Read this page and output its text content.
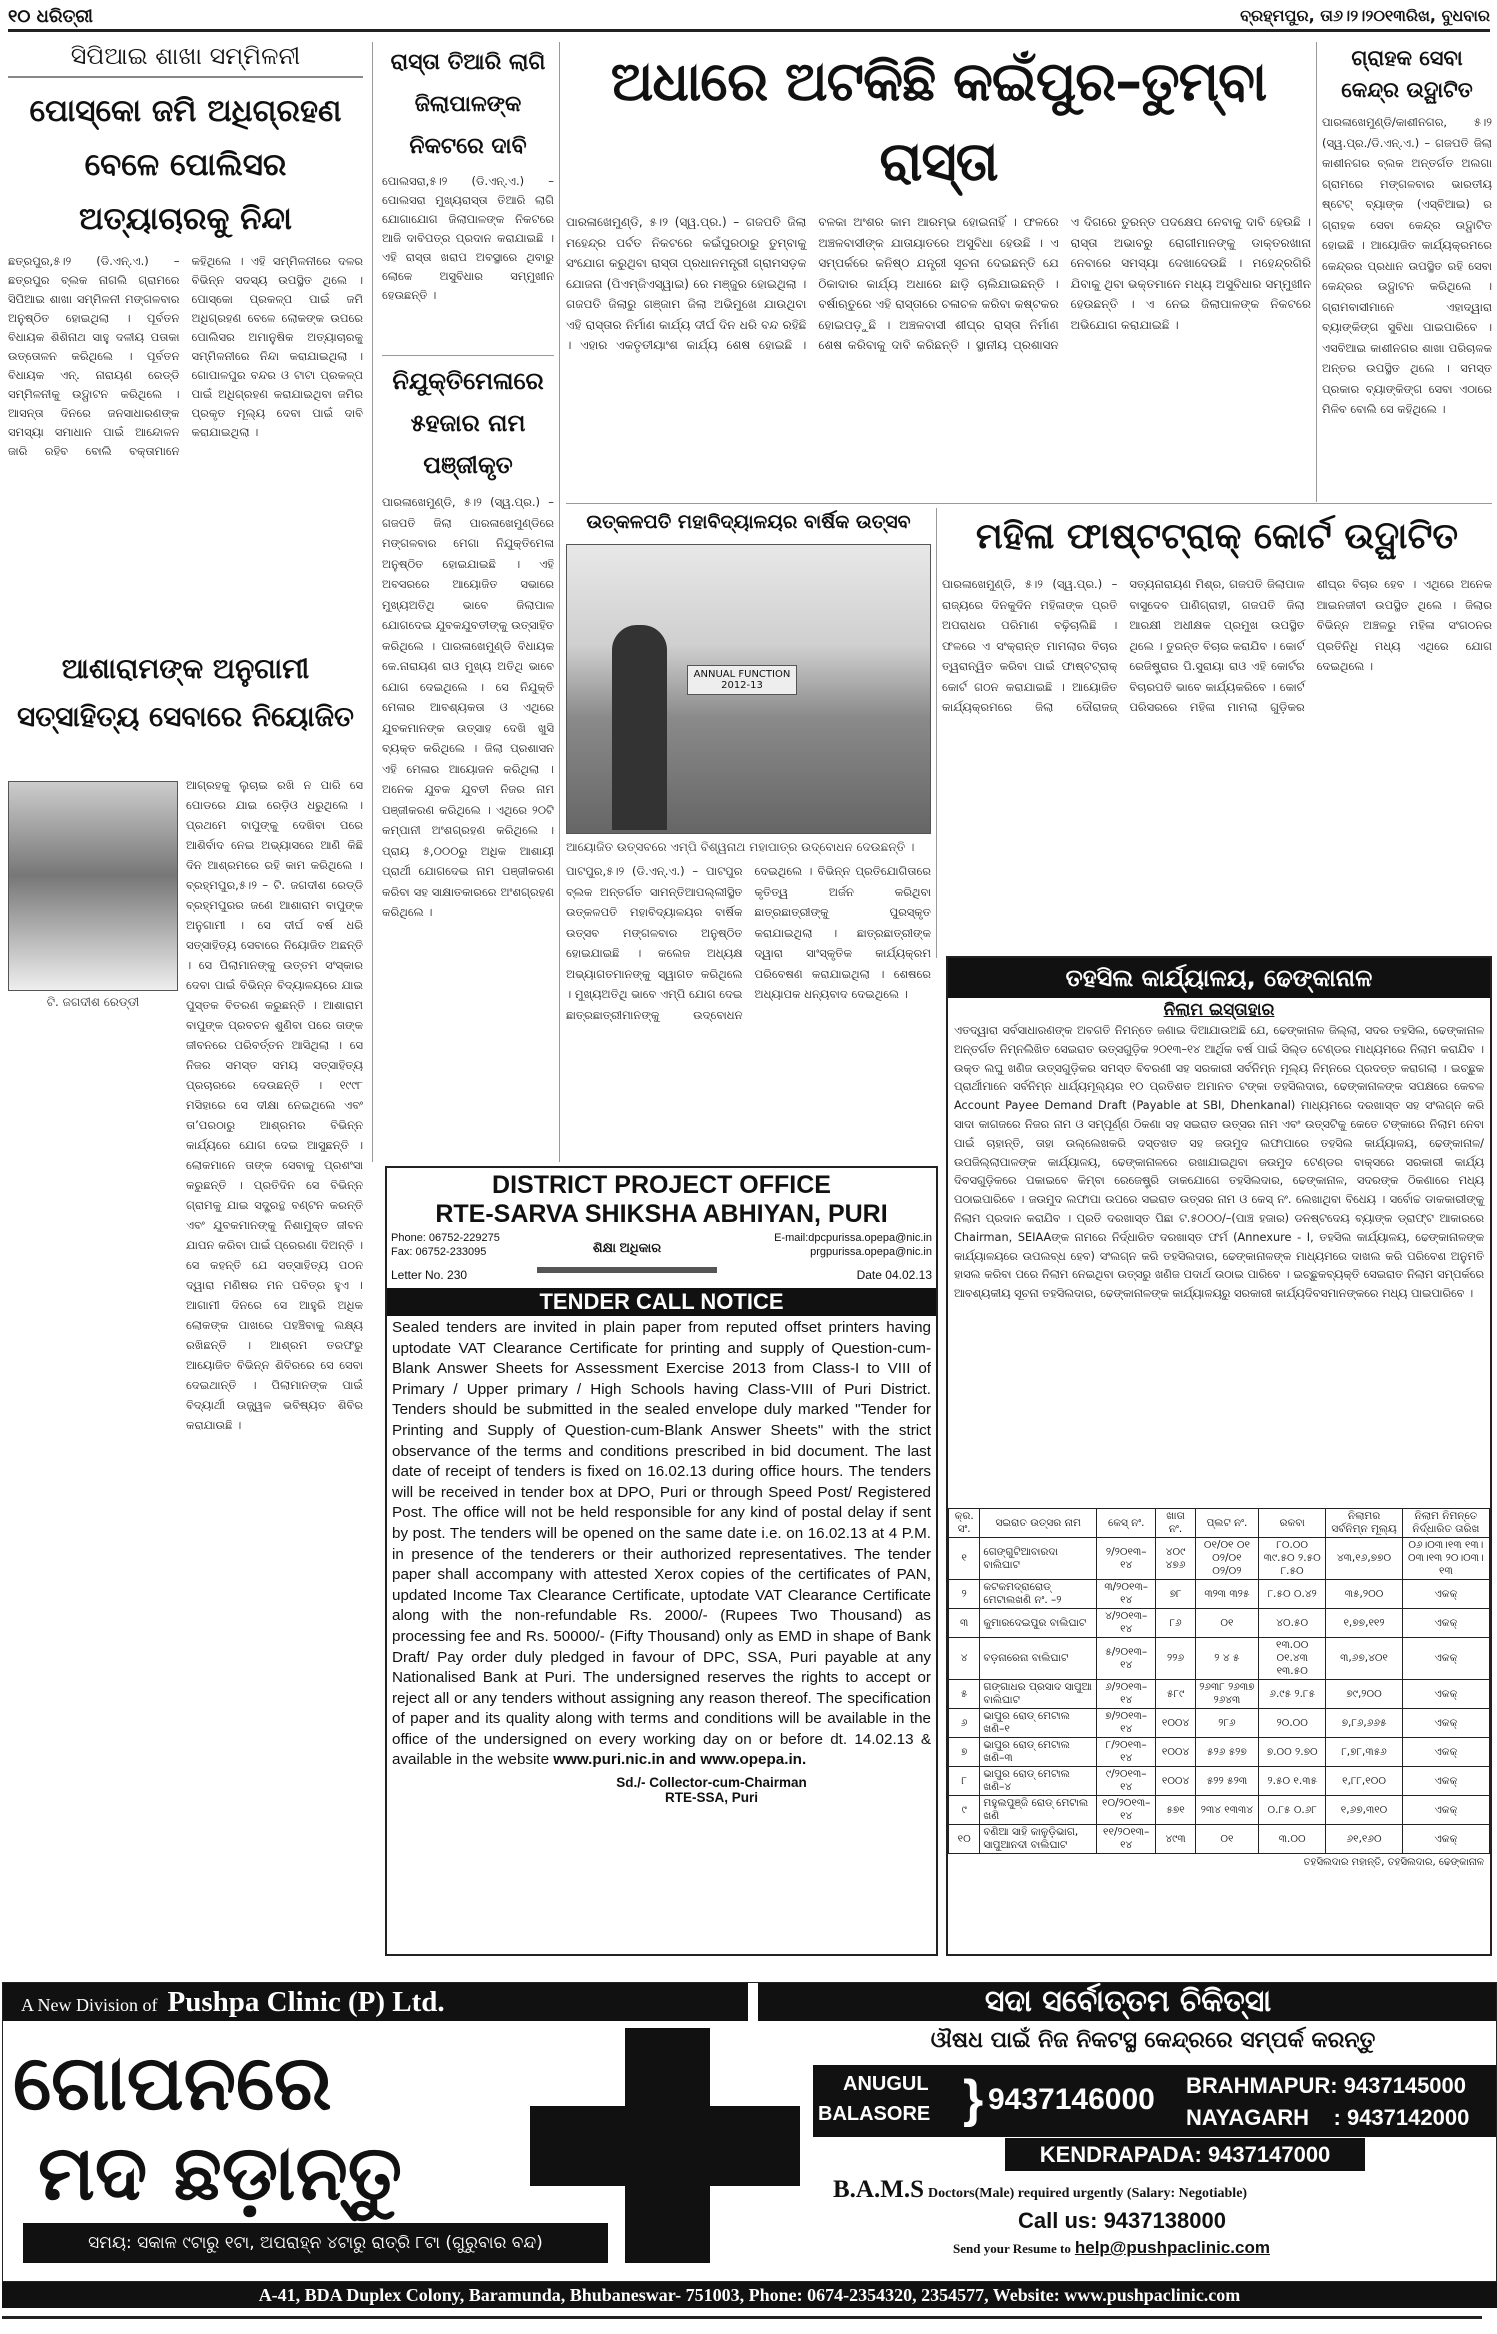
୧୦ ଧରିତ୍ରୀ	ବ୍ରହ୍ମପୁର, ତା୬।୨।୨୦୧୩ରିଖ, ବୁଧବାର
ସିପିଆଇ ଶାଖା ସମ୍ମିଳନୀ
ପୋସ୍କୋ ଜମି ଅଧିଗ୍ରହଣ ବେଳେ ପୋଲିସର ଅତ୍ୟାଚାରକୁ ନିନ୍ଦା
ଛତ୍ରପୁର,୫।୨ (ଡି.ଏନ୍.ଏ.) – ଛତ୍ରପୁର ବ୍ଲକ ନାଗଲି ଗ୍ରାମରେ ସିପିଆଇ ଶାଖା ସମ୍ମିଳନୀ ମଙ୍ଗଳବାର ଅନୁଷ୍ଠିତ ହୋଇଥିଲା । ପୂର୍ବତନ ବିଧାୟକ ଶିଶିନାଥ ସାହୁ ଦଳୀୟ ପତାକା ଉତ୍ତୋଳନ କରିଥିଲେ । ପୂର୍ବତନ ବିଧାୟକ ଏନ୍. ନାରାୟଣ ରେଡ୍ଡି ସମ୍ମିଳନୀକୁ ଉଦ୍ଘାଟନ କରିଥିଲେ । ଆସନ୍ତା ଦିନରେ ଜନସାଧାରଣଙ୍କ ସମସ୍ୟା ସମାଧାନ ପାଇଁ ଆନ୍ଦୋଳନ ଜାରି ରହିବ ବୋଲି ବକ୍ତାମାନେ କହିଥିଲେ । ଏହି ସମ୍ମିଳନୀରେ ଦଳର ବିଭିନ୍ନ ସଦସ୍ୟ ଉପସ୍ଥିତ ଥିଲେ । ପୋସ୍କୋ ପ୍ରକଳ୍ପ ପାଇଁ ଜମି ଅଧିଗ୍ରହଣ ବେଳେ ଲୋକଙ୍କ ଉପରେ ପୋଲିସର ଅମାନୁଷିକ ଅତ୍ୟାଚାରକୁ ସମ୍ମିଳନୀରେ ନିନ୍ଦା କରାଯାଇଥିଲା । ଗୋପାଳପୁର ବନ୍ଦର ଓ ଟାଟା ପ୍ରକଳ୍ପ ପାଇଁ ଅଧିଗ୍ରହଣ କରାଯାଇଥିବା ଜମିର ପ୍ରକୃତ ମୂଲ୍ୟ ଦେବା ପାଇଁ ଦାବି କରାଯାଇଥିଲା ।
ଆଶାରାମଙ୍କ ଅନୁଗାମୀ ସତ୍ସାହିତ୍ୟ ସେବାରେ ନିୟୋଜିତ
ଟି. ଜଗଦୀଶ ରେଡ୍ଡୀ
ଆଗ୍ରହକୁ ଲୁଚାଇ ରଖି ନ ପାରି ସେ ପୋଡରେ ଯାଇ ରେଡ଼ିଓ ଧରୁଥିଲେ । ପ୍ରଥମେ ବାପୁଙ୍କୁ ଦେଖିବା ପରେ ଆଶିର୍ବାଦ ନେଇ ଅଭ୍ୟାସରେ ଆଣି କିଛି ଦିନ ଆଶ୍ରମରେ ରହି କାମ କରିଥିଲେ । ବ୍ରହ୍ମପୁର,୫।୨ – ଟି. ଜଗଦୀଶ ରେଡ୍ଡି ବ୍ରହ୍ମପୁରର ଜଣେ ଆଶାରାମ ବାପୁଙ୍କ ଅନୁଗାମୀ । ସେ ଦୀର୍ଘ ବର୍ଷ ଧରି ସତ୍ସାହିତ୍ୟ ସେବାରେ ନିୟୋଜିତ ଅଛନ୍ତି । ସେ ପିଲାମାନଙ୍କୁ ଉତ୍ତମ ସଂସ୍କାର ଦେବା ପାଇଁ ବିଭିନ୍ନ ବିଦ୍ୟାଳୟରେ ଯାଇ ପୁସ୍ତକ ବିତରଣ କରୁଛନ୍ତି । ଆଶାରାମ ବାପୁଙ୍କ ପ୍ରବଚନ ଶୁଣିବା ପରେ ତାଙ୍କ ଜୀବନରେ ପରିବର୍ତ୍ତନ ଆସିଥିଲା । ସେ ନିଜର ସମସ୍ତ ସମୟ ସତ୍ସାହିତ୍ୟ ପ୍ରଚାରରେ ଦେଉଛନ୍ତି । ୧୯୯୮ ମସିହାରେ ସେ ଦୀକ୍ଷା ନେଇଥିଲେ ଏବଂ ତା’ପରଠାରୁ ଆଶ୍ରମର ବିଭିନ୍ନ କାର୍ଯ୍ୟରେ ଯୋଗ ଦେଇ ଆସୁଛନ୍ତି । ଲୋକମାନେ ତାଙ୍କ ସେବାକୁ ପ୍ରଶଂସା କରୁଛନ୍ତି । ପ୍ରତିଦିନ ସେ ବିଭିନ୍ନ ଗ୍ରାମକୁ ଯାଇ ସଦ୍ଗ୍ରନ୍ଥ ବଣ୍ଟନ କରନ୍ତି ଏବଂ ଯୁବକମାନଙ୍କୁ ନିଶାମୁକ୍ତ ଜୀବନ ଯାପନ କରିବା ପାଇଁ ପ୍ରେରଣା ଦିଅନ୍ତି । ସେ କହନ୍ତି ଯେ ସତ୍ସାହିତ୍ୟ ପଠନ ଦ୍ୱାରା ମଣିଷର ମନ ପବିତ୍ର ହୁଏ । ଆଗାମୀ ଦିନରେ ସେ ଆହୁରି ଅଧିକ ଲୋକଙ୍କ ପାଖରେ ପହଞ୍ଚିବାକୁ ଲକ୍ଷ୍ୟ ରଖିଛନ୍ତି । ଆଶ୍ରମ ତରଫରୁ ଆୟୋଜିତ ବିଭିନ୍ନ ଶିବିରରେ ସେ ସେବା ଦେଇଥାନ୍ତି । ପିଲାମାନଙ୍କ ପାଇଁ ବିଦ୍ୟାର୍ଥୀ ଉଜ୍ଜ୍ୱଳ ଭବିଷ୍ୟତ ଶିବିର କରାଯାଉଛି ।
ରାସ୍ତା ତିଆରି ଲାଗି ଜିଲାପାଳଙ୍କ ନିକଟରେ ଦାବି
ପୋଲସରା,୫।୨ (ଡି.ଏନ୍.ଏ.) – ପୋଲସରା ମୁଖ୍ୟରାସ୍ତା ତିଆରି ଲାଗି ଯୋଗାଯୋଗ ଜିଲାପାଳଙ୍କ ନିକଟରେ ଆଜି ଦାବିପତ୍ର ପ୍ରଦାନ କରାଯାଇଛି । ଏହି ରାସ୍ତା ଖରାପ ଅବସ୍ଥାରେ ଥିବାରୁ ଲୋକେ ଅସୁବିଧାର ସମ୍ମୁଖୀନ ହେଉଛନ୍ତି ।
ନିଯୁକ୍ତିମେଳାରେ ୫ହଜାର ନାମ ପଞ୍ଜୀକୃତ
ପାରଳାଖେମୁଣ୍ଡି, ୫।୨ (ସ୍ୱ.ପ୍ର.) – ଗଜପତି ଜିଲା ପାରଳାଖେମୁଣ୍ଡିରେ ମଙ୍ଗଳବାର ମେଗା ନିଯୁକ୍ତିମେଳା ଅନୁଷ୍ଠିତ ହୋଇଯାଇଛି । ଏହି ଅବସରରେ ଆୟୋଜିତ ସଭାରେ ମୁଖ୍ୟଅତିଥି ଭାବେ ଜିଲାପାଳ ଯୋଗଦେଇ ଯୁବକଯୁବତୀଙ୍କୁ ଉତ୍ସାହିତ କରିଥିଲେ । ପାରଳାଖେମୁଣ୍ଡି ବିଧାୟକ କେ.ନାରାୟଣ ରାଓ ମୁଖ୍ୟ ଅତିଥି ଭାବେ ଯୋଗ ଦେଇଥିଲେ । ସେ ନିଯୁକ୍ତି ମେଳାର ଆବଶ୍ୟକତା ଓ ଏଥିରେ ଯୁବକମାନଙ୍କ ଉତ୍ସାହ ଦେଖି ଖୁସି ବ୍ୟକ୍ତ କରିଥିଲେ । ଜିଲା ପ୍ରଶାସନ ଏହି ମେଳାର ଆୟୋଜନ କରିଥିଲା । ଅନେକ ଯୁବକ ଯୁବତୀ ନିଜର ନାମ ପଞ୍ଜୀକରଣ କରିଥିଲେ । ଏଥିରେ ୨୦ଟି କମ୍ପାନୀ ଅଂଶଗ୍ରହଣ କରିଥିଲେ । ପ୍ରାୟ ୫,୦୦୦ରୁ ଅଧିକ ଆଶାୟୀ ପ୍ରାର୍ଥୀ ଯୋଗଦେଇ ନାମ ପଞ୍ଜୀକରଣ କରିବା ସହ ସାକ୍ଷାତକାରରେ ଅଂଶଗ୍ରହଣ କରିଥିଲେ ।
ଅଧାରେ ଅଟକିଛି କଇଁପୁର–ତୁମ୍ବା ରାସ୍ତା
ପାରଳାଖେମୁଣ୍ଡି, ୫।୨ (ସ୍ୱ.ପ୍ର.) – ଗଜପତି ଜିଲା ମହେନ୍ଦ୍ର ପର୍ବତ ନିକଟରେ କଇଁପୁରଠାରୁ ତୁମ୍ବାକୁ ସଂଯୋଗ କରୁଥିବା ରାସ୍ତା ପ୍ରଧାନମନ୍ତ୍ରୀ ଗ୍ରାମସଡ଼କ ଯୋଜନା (ପିଏମ୍ଜିଏସ୍ୱାଇ) ରେ ମଞ୍ଜୁର ହୋଇଥିଲା । ଗଜପତି ଜିଲାରୁ ଗଞ୍ଜାମ ଜିଲା ଅଭିମୁଖେ ଯାଉଥିବା ଏହି ରାସ୍ତାର ନିର୍ମାଣ କାର୍ଯ୍ୟ ଦୀର୍ଘ ଦିନ ଧରି ବନ୍ଦ ରହିଛି । ଏହାର ଏକତୃତୀୟାଂଶ କାର୍ଯ୍ୟ ଶେଷ ହୋଇଛି । ବଳକା ଅଂଶର କାମ ଆରମ୍ଭ ହୋଇନାହିଁ । ଫଳରେ ଅଞ୍ଚଳବାସୀଙ୍କ ଯାତାୟାତରେ ଅସୁବିଧା ହେଉଛି । ଏ ସମ୍ପର୍କରେ କନିଷ୍ଠ ଯନ୍ତ୍ରୀ ସୂଚନା ଦେଇଛନ୍ତି ଯେ ଠିକାଦାର କାର୍ଯ୍ୟ ଅଧାରେ ଛାଡ଼ି ଚାଲିଯାଇଛନ୍ତି । ବର୍ଷାଋତୁରେ ଏହି ରାସ୍ତାରେ ଚଳାଚଳ କରିବା କଷ୍ଟକର ହୋଇପଡ଼ୁଛି । ଅଞ୍ଚଳବାସୀ ଶୀଘ୍ର ରାସ୍ତା ନିର୍ମାଣ ଶେଷ କରିବାକୁ ଦାବି କରିଛନ୍ତି । ସ୍ଥାନୀୟ ପ୍ରଶାସନ ଏ ଦିଗରେ ତୁରନ୍ତ ପଦକ୍ଷେପ ନେବାକୁ ଦାବି ହେଉଛି । ରାସ୍ତା ଅଭାବରୁ ରୋଗୀମାନଙ୍କୁ ଡାକ୍ତରଖାନା ନେବାରେ ସମସ୍ୟା ଦେଖାଦେଉଛି । ମହେନ୍ଦ୍ରଗିରି ଯିବାକୁ ଥିବା ଭକ୍ତମାନେ ମଧ୍ୟ ଅସୁବିଧାର ସମ୍ମୁଖୀନ ହେଉଛନ୍ତି । ଏ ନେଇ ଜିଲାପାଳଙ୍କ ନିକଟରେ ଅଭିଯୋଗ କରାଯାଇଛି ।
ଗ୍ରାହକ ସେବା କେନ୍ଦ୍ର ଉଦ୍ଘାଟିତ
ପାରଳାଖେମୁଣ୍ଡି/କାଶୀନଗର, ୫।୨ (ସ୍ୱ.ପ୍ର./ଡି.ଏନ୍.ଏ.) – ଗଜପତି ଜିଲା କାଶୀନଗର ବ୍ଲକ ଅନ୍ତର୍ଗତ ଅଲଗା ଗ୍ରାମରେ ମଙ୍ଗଳବାର ଭାରତୀୟ ଷ୍ଟେଟ୍ ବ୍ୟାଙ୍କ (ଏସ୍ବିଆଇ) ର ଗ୍ରାହକ ସେବା କେନ୍ଦ୍ର ଉଦ୍ଘାଟିତ ହୋଇଛି । ଆୟୋଜିତ କାର୍ଯ୍ୟକ୍ରମରେ କେନ୍ଦ୍ରର ପ୍ରଧାନ ଉପସ୍ଥିତ ରହି ସେବା କେନ୍ଦ୍ରର ଉଦ୍ଘାଟନ କରିଥିଲେ । ଗ୍ରାମବାସୀମାନେ ଏହାଦ୍ୱାରା ବ୍ୟାଙ୍କିଙ୍ଗ ସୁବିଧା ପାଇପାରିବେ । ଏସବିଆଇ କାଶୀନଗର ଶାଖା ପରିଚାଳକ ଅନ୍ତର ଉପସ୍ଥିତ ଥିଲେ । ସମସ୍ତ ପ୍ରକାର ବ୍ୟାଙ୍କିଙ୍ଗ ସେବା ଏଠାରେ ମିଳିବ ବୋଲି ସେ କହିଥିଲେ ।
ଉତ୍କଳପତି ମହାବିଦ୍ୟାଳୟର ବାର୍ଷିକ ଉତ୍ସବ
ANNUAL FUNCTION 2012-13
ଆୟୋଜିତ ଉତ୍ସବରେ ଏମ୍ପି ବିଶ୍ୱନାଥ ମହାପାତ୍ର ଉଦ୍ବୋଧନ ଦେଉଛନ୍ତି ।
ପାଟପୁର,୫।୨ (ଡି.ଏନ୍.ଏ.) – ପାଟପୁର ବ୍ଲକ ଅନ୍ତର୍ଗତ ସାମନ୍ତିଆପଲ୍ଲୀସ୍ଥିତ ଉତ୍କଳପତି ମହାବିଦ୍ୟାଳୟର ବାର୍ଷିକ ଉତ୍ସବ ମଙ୍ଗଳବାର ଅନୁଷ୍ଠିତ ହୋଇଯାଇଛି । କଲେଜ ଅଧ୍ୟକ୍ଷ ଅଭ୍ୟାଗତମାନଙ୍କୁ ସ୍ୱାଗତ କରିଥିଲେ । ମୁଖ୍ୟଅତିଥି ଭାବେ ଏମ୍ପି ଯୋଗ ଦେଇ ଛାତ୍ରଛାତ୍ରୀମାନଙ୍କୁ ଉଦ୍ବୋଧନ ଦେଇଥିଲେ । ବିଭିନ୍ନ ପ୍ରତିଯୋଗିତାରେ କୃତିତ୍ୱ ଅର୍ଜନ କରିଥିବା ଛାତ୍ରଛାତ୍ରୀଙ୍କୁ ପୁରସ୍କୃତ କରାଯାଇଥିଲା । ଛାତ୍ରଛାତ୍ରୀଙ୍କ ଦ୍ୱାରା ସାଂସ୍କୃତିକ କାର୍ଯ୍ୟକ୍ରମ ପରିବେଷଣ କରାଯାଇଥିଲା । ଶେଷରେ ଅଧ୍ୟାପକ ଧନ୍ୟବାଦ ଦେଇଥିଲେ ।
ମହିଳା ଫାଷ୍ଟଟ୍ରାକ୍ କୋର୍ଟ ଉଦ୍ଘାଟିତ
ପାରଳାଖେମୁଣ୍ଡି, ୫।୨ (ସ୍ୱ.ପ୍ର.) – ରାଜ୍ୟରେ ଦିନକୁଦିନ ମହିଳାଙ୍କ ପ୍ରତି ଅପରାଧର ପରିମାଣ ବଢ଼ିଚାଲିଛି । ଫଳରେ ଏ ସଂକ୍ରାନ୍ତ ମାମଲାର ବିଚାର ତ୍ୱରାନ୍ୱିତ କରିବା ପାଇଁ ଫାଷ୍ଟଟ୍ରାକ୍ କୋର୍ଟ ଗଠନ କରାଯାଇଛି । ଆୟୋଜିତ କାର୍ଯ୍ୟକ୍ରମରେ ଜିଲା ଦୌରାଜଜ୍ ସତ୍ୟନାରାୟଣ ମିଶ୍ର, ଗଜପତି ଜିଲାପାଳ ବାସୁଦେବ ପାଣିଗ୍ରାହୀ, ଗଜପତି ଜିଲା ଆରକ୍ଷୀ ଅଧୀକ୍ଷକ ପ୍ରମୁଖ ଉପସ୍ଥିତ ଥିଲେ । ତୁରନ୍ତ ବିଚାର କରାଯିବ । କୋର୍ଟ ରେଜିଷ୍ଟ୍ରାର ପି.ସୁରାୟା ରାଓ ଏହି କୋର୍ଟର ବିଚାରପତି ଭାବେ କାର୍ଯ୍ୟକରିବେ । କୋର୍ଟ ପରିସରରେ ମହିଳା ମାମଲା ଗୁଡ଼ିକର ଶୀଘ୍ର ବିଚାର ହେବ । ଏଥିରେ ଅନେକ ଆଇନଜୀବୀ ଉପସ୍ଥିତ ଥିଲେ । ଜିଲାର ବିଭିନ୍ନ ଅଞ୍ଚଳରୁ ମହିଳା ସଂଗଠନର ପ୍ରତିନିଧି ମଧ୍ୟ ଏଥିରେ ଯୋଗ ଦେଇଥିଲେ ।
ତହସିଲ କାର୍ଯ୍ୟାଳୟ, ଢେଙ୍କାନାଳ
ନିଲାମ ଇସ୍ତାହାର
ଏତଦ୍ୱାରା ସର୍ବସାଧାରଣଙ୍କ ଅବଗତି ନିମନ୍ତେ ଜଣାଇ ଦିଆଯାଉଅଛି ଯେ, ଢେଙ୍କାନାଳ ଜିଲ୍ଲା, ସଦର ତହସିଲ, ଢେଙ୍କାନାଳ ଅନ୍ତର୍ଗତ ନିମ୍ନଲିଖିତ ସେଇରାତ ଉତ୍ସଗୁଡ଼ିକ ୨୦୧୩–୧୪ ଆର୍ଥିକ ବର୍ଷ ପାଇଁ ସିଲ୍ଡ ଟେଣ୍ଡର ମାଧ୍ୟମରେ ନିଲାମ କରାଯିବ । ଉକ୍ତ ଲଘୁ ଖଣିଜ ଉତ୍ସଗୁଡ଼ିକର ସମସ୍ତ ବିବରଣୀ ସହ ସରକାରୀ ସର୍ବନିମ୍ନ ମୂଲ୍ୟ ନିମ୍ନରେ ପ୍ରଦତ୍ତ କରାଗଲା । ଇଚ୍ଛୁକ ପ୍ରାର୍ଥୀମାନେ ସର୍ବନିମ୍ନ ଧାର୍ଯ୍ୟମୂଲ୍ୟର ୧୦ ପ୍ରତିଶତ ଅମାନତ ଟଙ୍କା ତହସିଲଦାର, ଢେଙ୍କାନାଳଙ୍କ ସପକ୍ଷରେ କେବଳ Account Payee Demand Draft (Payable at SBI, Dhenkanal) ମାଧ୍ୟମରେ ଦରଖାସ୍ତ ସହ ସଂଲଗ୍ନ କରି ସାଦା କାଗଜରେ ନିଜର ନାମ ଓ ସମ୍ପୂର୍ଣ୍ଣ ଠିକଣା ସହ ସଇରାତ ଉତ୍ସର ନାମ ଏବଂ ଉତ୍ସଟିକୁ କେତେ ଟଙ୍କାରେ ନିଲାମ ନେବା ପାଇଁ ଚାହାନ୍ତି, ତାହା ଉଲ୍ଲେଖକରି ଦସ୍ତଖତ ସହ ଜଉମୁଦ ଲଫାପାରେ ତହସିଲ କାର୍ଯ୍ୟାଳୟ, ଢେଙ୍କାନାଳ/ ଉପଜିଲ୍ଲାପାଳଙ୍କ କାର୍ଯ୍ୟାଳୟ, ଢେଙ୍କାନାଳରେ ରଖାଯାଇଥିବା ଜଉମୁଦ ଟେଣ୍ଡର ବାକ୍ସରେ ସରକାରୀ କାର୍ଯ୍ୟ ଦିବସଗୁଡ଼ିକରେ ପକାଇବେ କିମ୍ବା ରେଜେଷ୍ଟ୍ରି ଡାକଯୋଗେ ତହସିଲଦାର, ଢେଙ୍କାନାଳ, ସଦରଙ୍କ ଠିକଣାରେ ମଧ୍ୟ ପଠାଇପାରିବେ । ଜଉମୁଦ ଲଫାପା ଉପରେ ସଇରାତ ଉତ୍ସର ନାମ ଓ କେସ୍ ନଂ. ଲେଖାଥିବା ବିଧେୟ । ସର୍ବୋଚ୍ଚ ଡାକକାରୀଙ୍କୁ ନିଲାମ ପ୍ରଦାନ କରାଯିବ । ପ୍ରତି ଦରଖାସ୍ତ ପିଛା ଟ.୫୦୦୦/–(ପାଞ୍ଚ ହଜାର) ଡନଷ୍ଟଦେୟ ବ୍ୟାଙ୍କ ଡ୍ରାଫ୍ଟ ଆକାରରେ Chairman, SEIAAଙ୍କ ନାମରେ ନିର୍ଦ୍ଧାରିତ ଦରଖାସ୍ତ ଫର୍ମ (Annexure - I, ତହସିଲ କାର୍ଯ୍ୟାଳୟ, ଢେଙ୍କାନାଳଙ୍କ କାର୍ଯ୍ୟାଳୟରେ ଉପଲବ୍ଧ ହେବ) ସଂଲଗ୍ନ କରି ତହସିଲଦାର, ଢେଙ୍କାନାଳଙ୍କ ମାଧ୍ୟମରେ ଦାଖଲ କରି ପରିବେଶ ଅନୁମତି ହାସଲ କରିବା ପରେ ନିଲାମ ନେଇଥିବା ଉତ୍ସରୁ ଖଣିଜ ପଦାର୍ଥ ଉଠାଇ ପାରିବେ । ଇଚ୍ଛୁକବ୍ୟକ୍ତି ସେଇରାତ ନିଲାମ ସମ୍ପର୍କରେ ଆବଶ୍ୟକୀୟ ସୂଚନା ତହସିଲଦାର, ଢେଙ୍କାନାଳଙ୍କ କାର୍ଯ୍ୟାଳୟରୁ ସରକାରୀ କାର୍ଯ୍ୟଦିବସମାନଙ୍କରେ ମଧ୍ୟ ପାଇପାରିବେ ।
କ୍ର. ସଂ.	ସଇରାତ ଉତ୍ସର ନାମ	କେସ୍ ନଂ.	ଖାତା ନଂ.	ପ୍ଲଟ ନଂ.	ରକବା	ନିଲାମର ସର୍ବନିମ୍ନ ମୂଲ୍ୟ	ନିଲାମ ନିମନ୍ତେ ନିର୍ଦ୍ଧାରିତ ତାରିଖ
୧	ଗେଙ୍ଗୁଟିଆବାରଦା ବାଲିଘାଟ	୨/୨୦୧୩–୧୪	୪୦୯ ୪୭୬	୦୧/୦୧ ୦୧ ୦୨/୦୧ ୦୨/୦୨	୮୦.୦୦ ୩୯.୫୦ ୨.୫୦ ୮.୫୦	୪୩,୧୬,୭୭୦	୦୬।୦୩।୧୩ ୧୩।୦୩।୧୩ ୨୦।୦୩।୧୩
୨	କଟକମଦ୍ରାରୋଡ୍ ମେଟାଲଖଣି ନଂ. –୨	୩/୨୦୧୩–୧୪	୭୮	୩୨୩ ୩୨୫	୮.୫୦ ୦.୪୨	୩୫,୨୦୦	ଏକକ୍
୩	କୁମାରଦେଇପୁର ବାଲିଘାଟ	୪/୨୦୧୩–୧୪	୮୬	୦୧	୪୦.୫୦	୧,୭୭,୧୧୨	ଏକକ୍
୪	ବଡ଼ନାରେନା ବାଲିଘାଟ	୫/୨୦୧୩–୧୪	୨୨୬	୨ ୪ ୫	୧୩.୦୦ ୦୧.୪୩ ୧୩.୫୦	୩,୬୭,୪୦୧	ଏକକ୍
୫	ଗଙ୍ଗାଧର ପ୍ରସାଦ ସାପୁଆ ବାଲିଘାଟ	୬/୨୦୧୩–୧୪	୫୮୯	୨୬୩୮ ୨୬୩୭ ୨୬୪୩	୬.୯୫ ୨.୮୫	୭୯,୨୦୦	ଏକକ୍
୬	ଭାପୁର ରୋଡ୍ ମେଟାଲ ଖଣି–୧	୭/୨୦୧୩–୧୪	୧୦୦୪	୨୮୬	୨୦.୦୦	୭,୮୬,୬୬୫	ଏକକ୍
୭	ଭାପୁର ରୋଡ୍ ମେଟାଲ ଖଣି–୩	୮/୨୦୧୩–୧୪	୧୦୦୪	୫୨୬ ୫୨୭	୭.୦୦ ୨.୭୦	୮,୭୮,୩୫୬	ଏକକ୍
୮	ଭାପୁର ରୋଡ୍ ମେଟାଲ ଖଣି–୪	୯/୨୦୧୩–୧୪	୧୦୦୪	୫୨୨ ୫୨୩	୨.୫୦ ୧.୩୫	୧,୮୮,୧୦୦	ଏକକ୍
୯	ମହୁଲପୁଞ୍ଜି ରୋଡ୍ ମେଟାଲ ଖଣି	୧୦/୨୦୧୩–୧୪	୫୭୧	୨୩୪ ୧୩୩୪	୦.୮୫ ୦.୬୮	୧,୬୭,୩୧୦	ଏକକ୍
୧୦	ବଣିଆ ସାହି କାଳୁଡ଼ିଭାଗ, ସାପୁଆନଦୀ ବାଲିଘାଟ	୧୧/୨୦୧୩–୧୪	୪୯୩	୦୧	୩.୦୦	୬୧,୧୬୦	ଏକକ୍
ତହସିଲଦାର ମହାନ୍ତି, ତହସିଲଦାର, ଢେଙ୍କାନାଳ
DISTRICT PROJECT OFFICE
RTE-SARVA SHIKSHA ABHIYAN, PURI
Phone: 06752-229275
Fax: 06752-233095
Letter No. 230
ଶିକ୍ଷା ଅଧିକାର
E-mail:dpcpurissa.opepa@nic.in
prgpurissa.opepa@nic.in
Date 04.02.13
TENDER CALL NOTICE
Sealed tenders are invited in plain paper from reputed offset printers having uptodate VAT Clearance Certificate for printing and supply of Question-cum-Blank Answer Sheets for Assessment Exercise 2013 from Class-I to VIII of Primary / Upper primary / High Schools having Class-VIII of Puri District. Tenders should be submitted in the sealed envelope duly marked "Tender for Printing and Supply of Question-cum-Blank Answer Sheets" with the strict observance of the terms and conditions prescribed in bid document. The last date of receipt of tenders is fixed on 16.02.13 during office hours. The tenders will be received in tender box at DPO, Puri or through Speed Post/ Registered Post. The office will not be held responsible for any kind of postal delay if sent by post. The tenders will be opened on the same date i.e. on 16.02.13 at 4 P.M. in presence of the tenderers or their authorized representatives. The tender paper shall accompany with attested Xerox copies of the certificates of PAN, updated Income Tax Clearance Certificate, uptodate VAT Clearance Certificate along with the non-refundable Rs. 2000/- (Rupees Two Thousand) as processing fee and Rs. 50000/- (Fifty Thousand) only as EMD in shape of Bank Draft/ Pay order duly pledged in favour of DPC, SSA, Puri payable at any Nationalised Bank at Puri. The undersigned reserves the rights to accept or reject all or any tenders without assigning any reason thereof. The specification of paper and its quality along with terms and conditions will be available in the office of the undersigned on every working day on or before dt. 14.02.13 & available in the website www.puri.nic.in and www.opepa.in.
Sd./- Collector-cum-Chairman
RTE-SSA, Puri
A New Division of Pushpa Clinic (P) Ltd.	ସଦା ସର୍ବୋତ୍ତମ ଚିକିତ୍ସା
ଗୋପନରେ
ମଦ ଛଡ଼ାନ୍ତୁ
ସମୟ: ସକାଳ ୯ଟାରୁ ୧ଟା, ଅପରାହ୍ନ ୪ଟାରୁ ରାତ୍ରି ୮ଟା (ଗୁରୁବାର ବନ୍ଦ)
ଔଷଧ ପାଇଁ ନିଜ ନିକଟସ୍ଥ କେନ୍ଦ୍ରରେ ସମ୍ପର୍କ କରନ୍ତୁ
ANUGUL
BALASORE } 9437146000 BRAHMAPUR: 9437145000
NAYAGARH    : 9437142000
KENDRAPADA: 9437147000
B.A.M.S Doctors(Male) required urgently (Salary: Negotiable)
Call us: 9437138000
Send your Resume to help@pushpaclinic.com
A-41, BDA Duplex Colony, Baramunda, Bhubaneswar- 751003, Phone: 0674-2354320, 2354577, Website: www.pushpaclinic.com
